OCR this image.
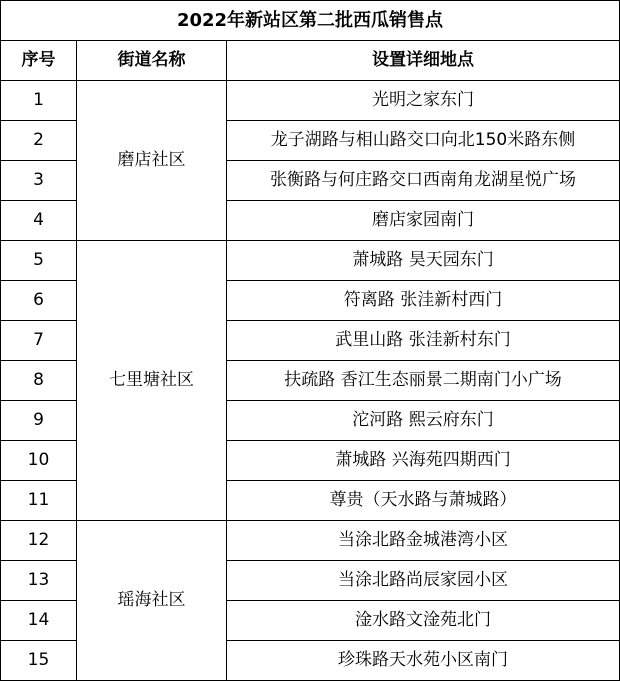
2022年新站区第二批西瓜销售点		
序号	街道名称	设置详细地点
1	磨店社区	光明之家东门
2		龙子湖路与相山路交口向北150米路东侧
3		张衡路与何庄路交口西南角龙湖星悦广场
4		磨店家园南门
5	七里塘社区	萧城路 昊天园东门
6		符离路 张洼新村西门
7		武里山路 张洼新村东门
8		扶疏路 香江生态丽景二期南门小广场
9		沱河路 熙云府东门
10		萧城路 兴海苑四期西门
11		尊贵（天水路与萧城路）
12	瑶海社区	当涂北路金城港湾小区
13		当涂北路尚辰家园小区
14		淦水路文淦苑北门
15		珍珠路天水苑小区南门
